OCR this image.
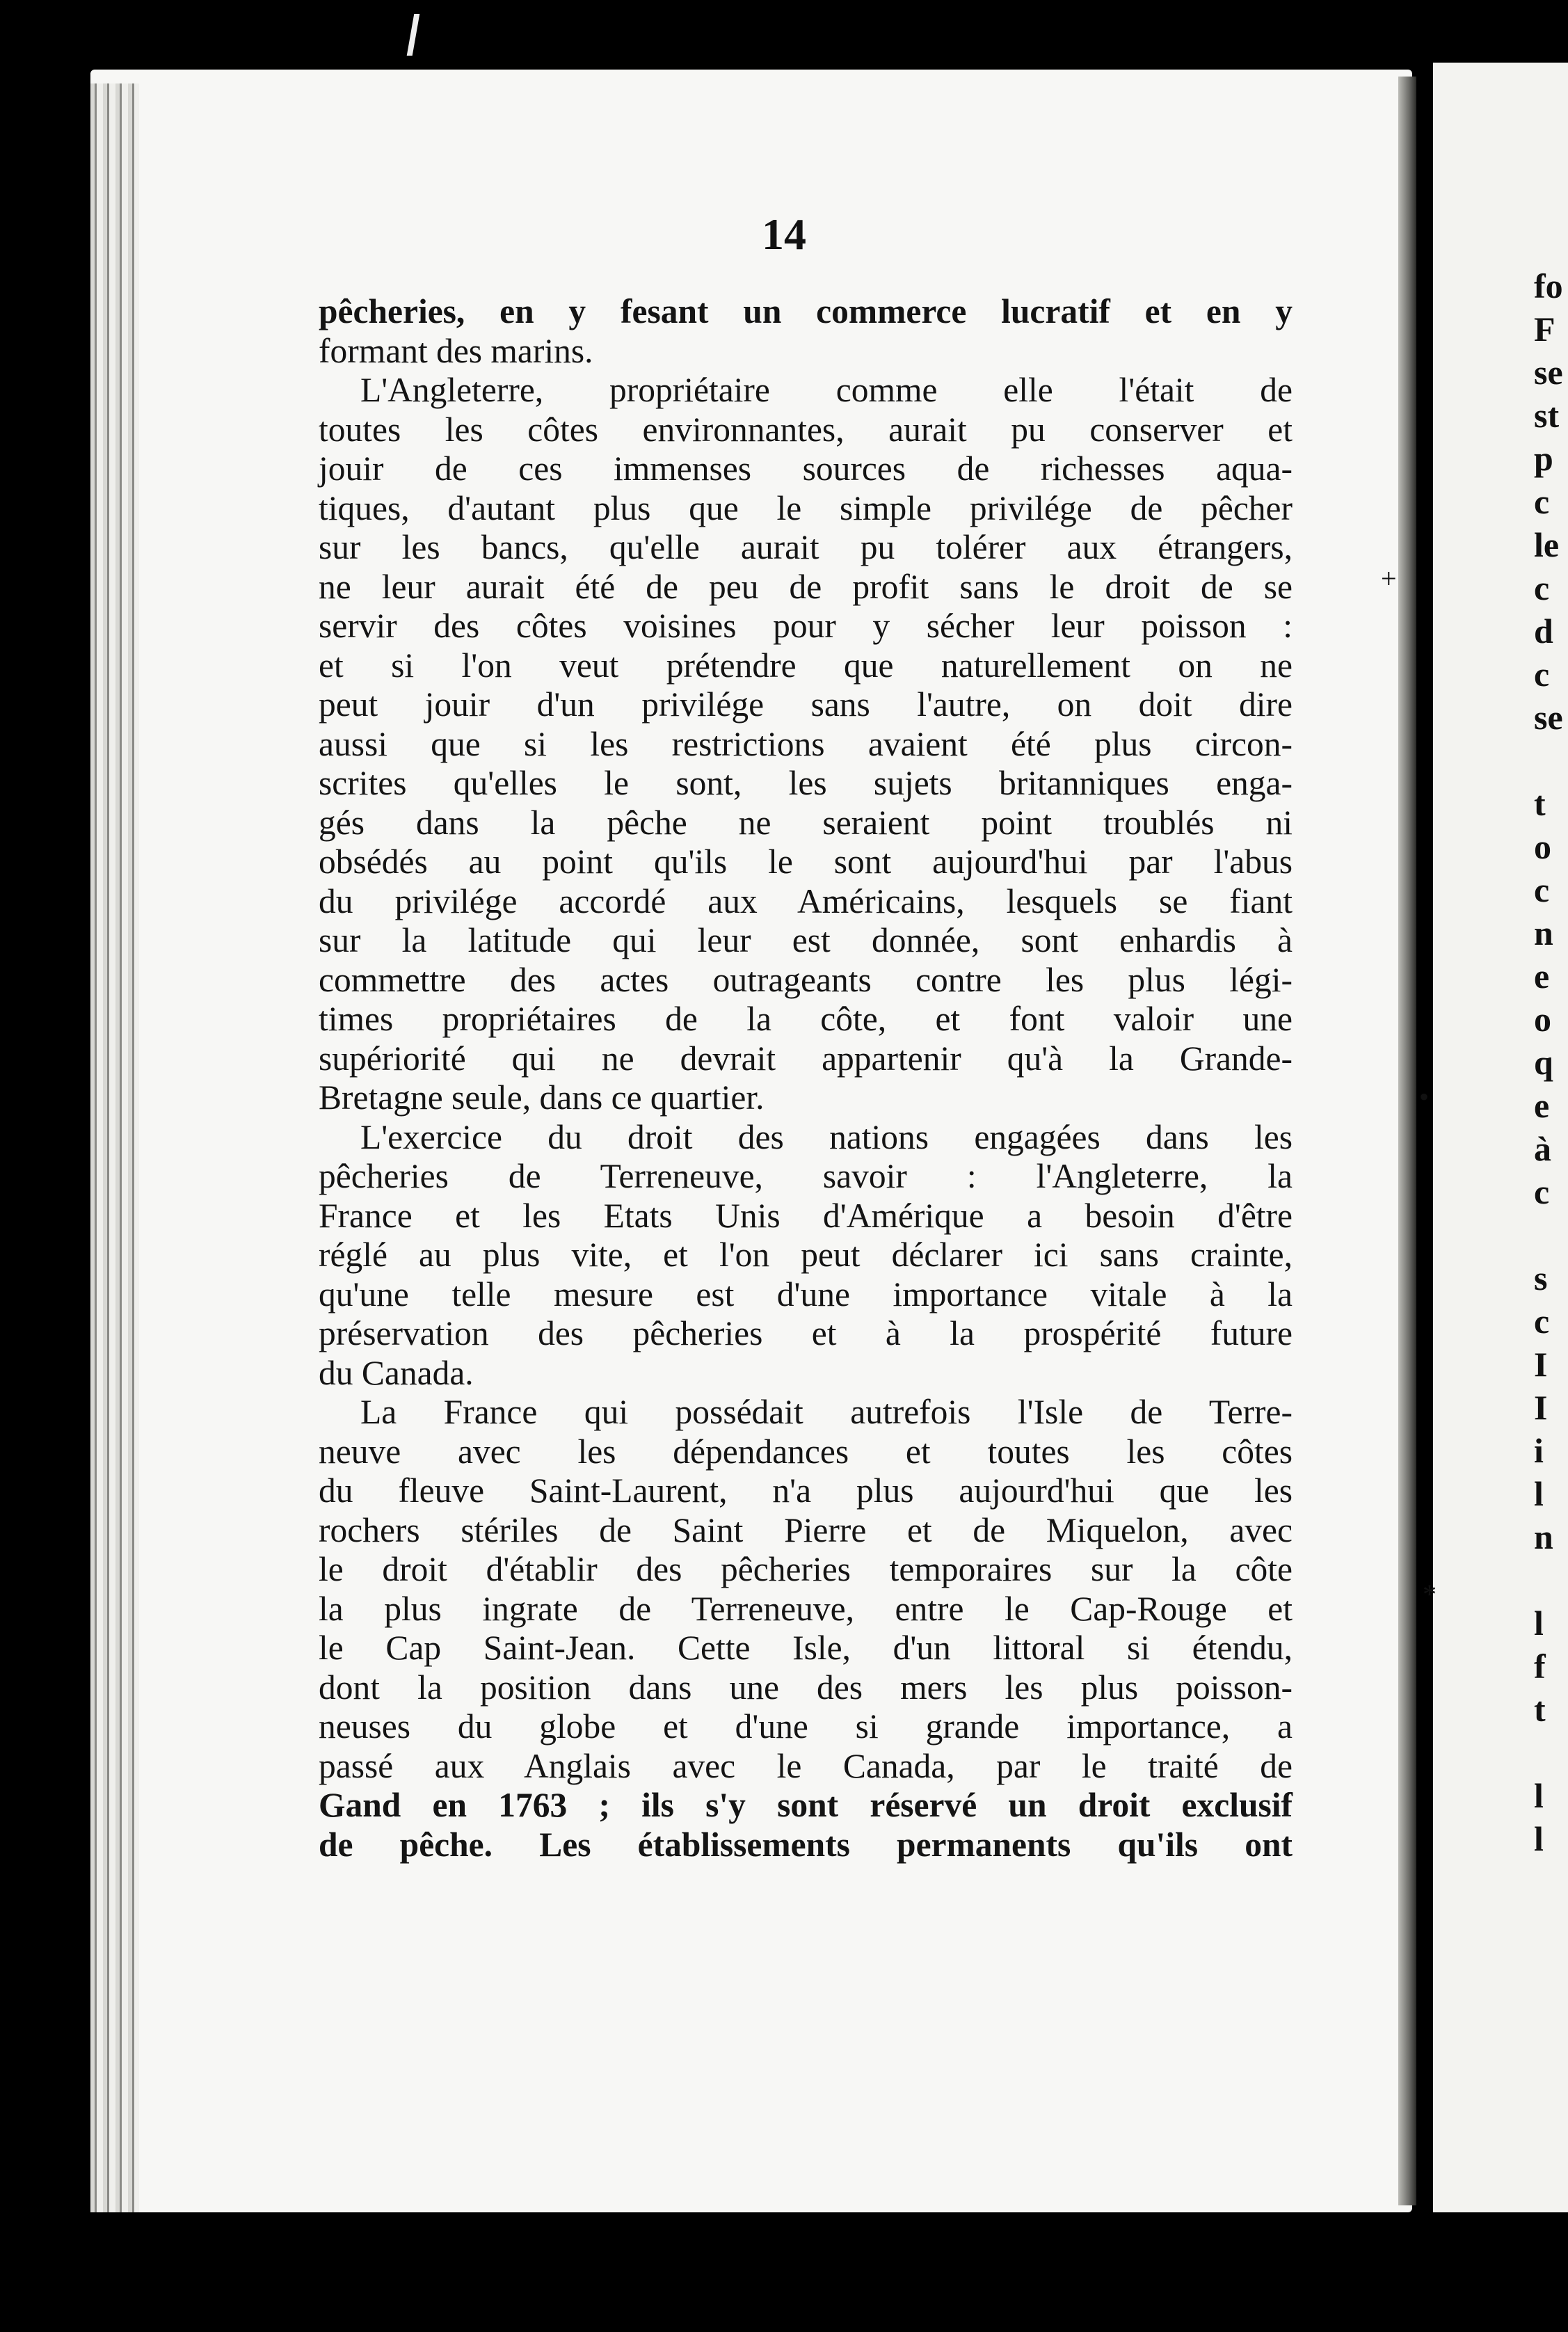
fo
F
se
st
p
c
le
c
d
c
se

t
o
c
n
e
o
q
e
à
c

s
c
I
I
i
l
n

l
f
t

l
l
14
pêcheries, en y fesant un commerce lucratif et en y
formant des marins.
L'Angleterre, propriétaire comme elle l'était de
toutes les côtes environnantes, aurait pu conserver et
jouir de ces immenses sources de richesses aqua-
tiques, d'autant plus que le simple privilége de pêcher
sur les bancs, qu'elle aurait pu tolérer aux étrangers,
ne leur aurait été de peu de profit sans le droit de se
servir des côtes voisines pour y sécher leur poisson :
et si l'on veut prétendre que naturellement on ne
peut jouir d'un privilége sans l'autre, on doit dire
aussi que si les restrictions avaient été plus circon-
scrites qu'elles le sont, les sujets britanniques enga-
gés dans la pêche ne seraient point troublés ni
obsédés au point qu'ils le sont aujourd'hui par l'abus
du privilége accordé aux Américains, lesquels se fiant
sur la latitude qui leur est donnée, sont enhardis à
commettre des actes outrageants contre les plus légi-
times propriétaires de la côte, et font valoir une
supériorité qui ne devrait appartenir qu'à la Grande-
Bretagne seule, dans ce quartier.
L'exercice du droit des nations engagées dans les
pêcheries de Terreneuve, savoir : l'Angleterre, la
France et les Etats Unis d'Amérique a besoin d'être
réglé au plus vite, et l'on peut déclarer ici sans crainte,
qu'une telle mesure est d'une importance vitale à la
préservation des pêcheries et à la prospérité future
du Canada.
La France qui possédait autrefois l'Isle de Terre-
neuve avec les dépendances et toutes les côtes
du fleuve Saint-Laurent, n'a plus aujourd'hui que les
rochers stériles de Saint Pierre et de Miquelon, avec
le droit d'établir des pêcheries temporaires sur la côte
la plus ingrate de Terreneuve, entre le Cap-Rouge et
le Cap Saint-Jean. Cette Isle, d'un littoral si étendu,
dont la position dans une des mers les plus poisson-
neuses du globe et d'une si grande importance, a
passé aux Anglais avec le Canada, par le traité de
Gand en 1763 ; ils s'y sont réservé un droit exclusif
de pêche. Les établissements permanents qu'ils ont
+
•
*
